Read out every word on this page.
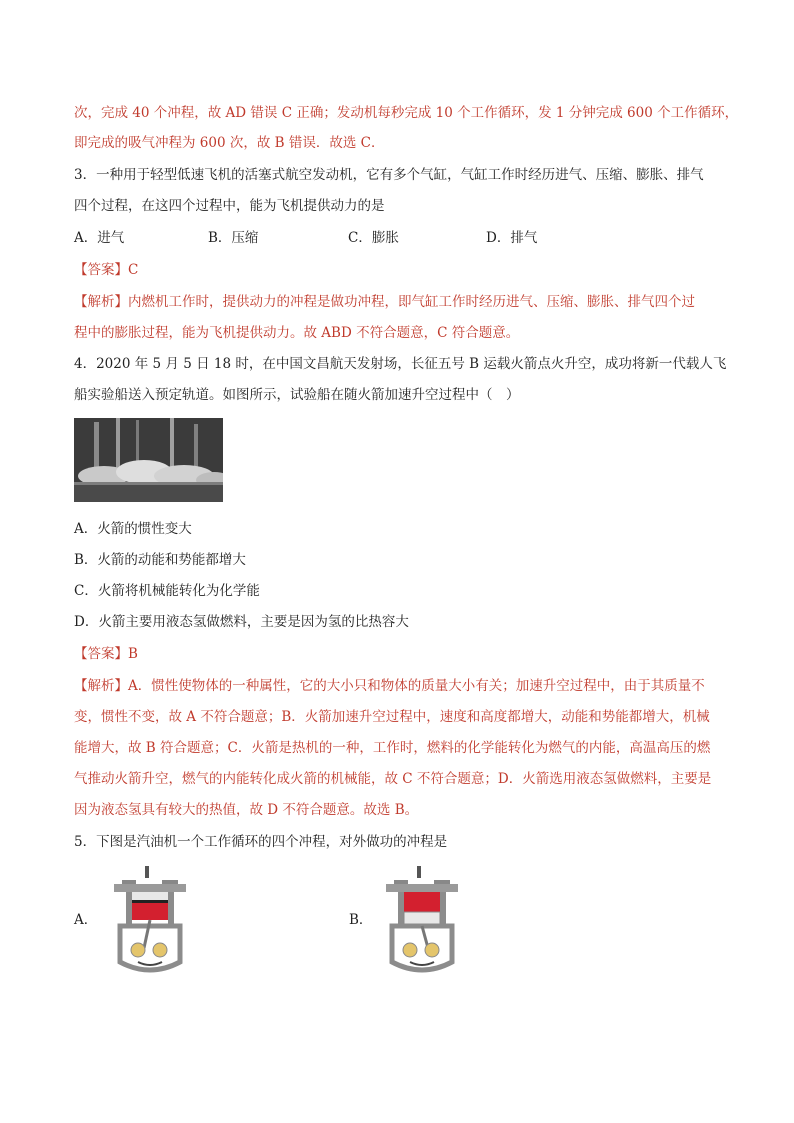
次，完成 40 个冲程，故 AD 错误 C 正确；发动机每秒完成 10 个工作循环，发 1 分钟完成 600 个工作循环，
即完成的吸气冲程为 600 次，故 B 错误．故选 C．
3．一种用于轻型低速飞机的活塞式航空发动机，它有多个气缸，气缸工作时经历进气、压缩、膨胀、排气
四个过程，在这四个过程中，能为飞机提供动力的是
A．进气	B．压缩	C．膨胀	D．排气
【答案】C
【解析】内燃机工作时，提供动力的冲程是做功冲程，即气缸工作时经历进气、压缩、膨胀、排气四个过
程中的膨胀过程，能为飞机提供动力。故 ABD 不符合题意，C 符合题意。
4．2020 年 5 月 5 日 18 时，在中国文昌航天发射场，长征五号 B 运载火箭点火升空，成功将新一代载人飞
船实验船送入预定轨道。如图所示，试验船在随火箭加速升空过程中（　）
A．火箭的惯性变大
B．火箭的动能和势能都增大
C．火箭将机械能转化为化学能
D．火箭主要用液态氢做燃料，主要是因为氢的比热容大
【答案】B
【解析】A．惯性使物体的一种属性，它的大小只和物体的质量大小有关；加速升空过程中，由于其质量不
变，惯性不变，故 A 不符合题意；B．火箭加速升空过程中，速度和高度都增大，动能和势能都增大，机械
能增大，故 B 符合题意；C．火箭是热机的一种，工作时，燃料的化学能转化为燃气的内能，高温高压的燃
气推动火箭升空，燃气的内能转化成火箭的机械能，故 C 不符合题意；D．火箭选用液态氢做燃料，主要是
因为液态氢具有较大的热值，故 D 不符合题意。故选 B。
5．下图是汽油机一个工作循环的四个冲程，对外做功的冲程是
A．	B．
